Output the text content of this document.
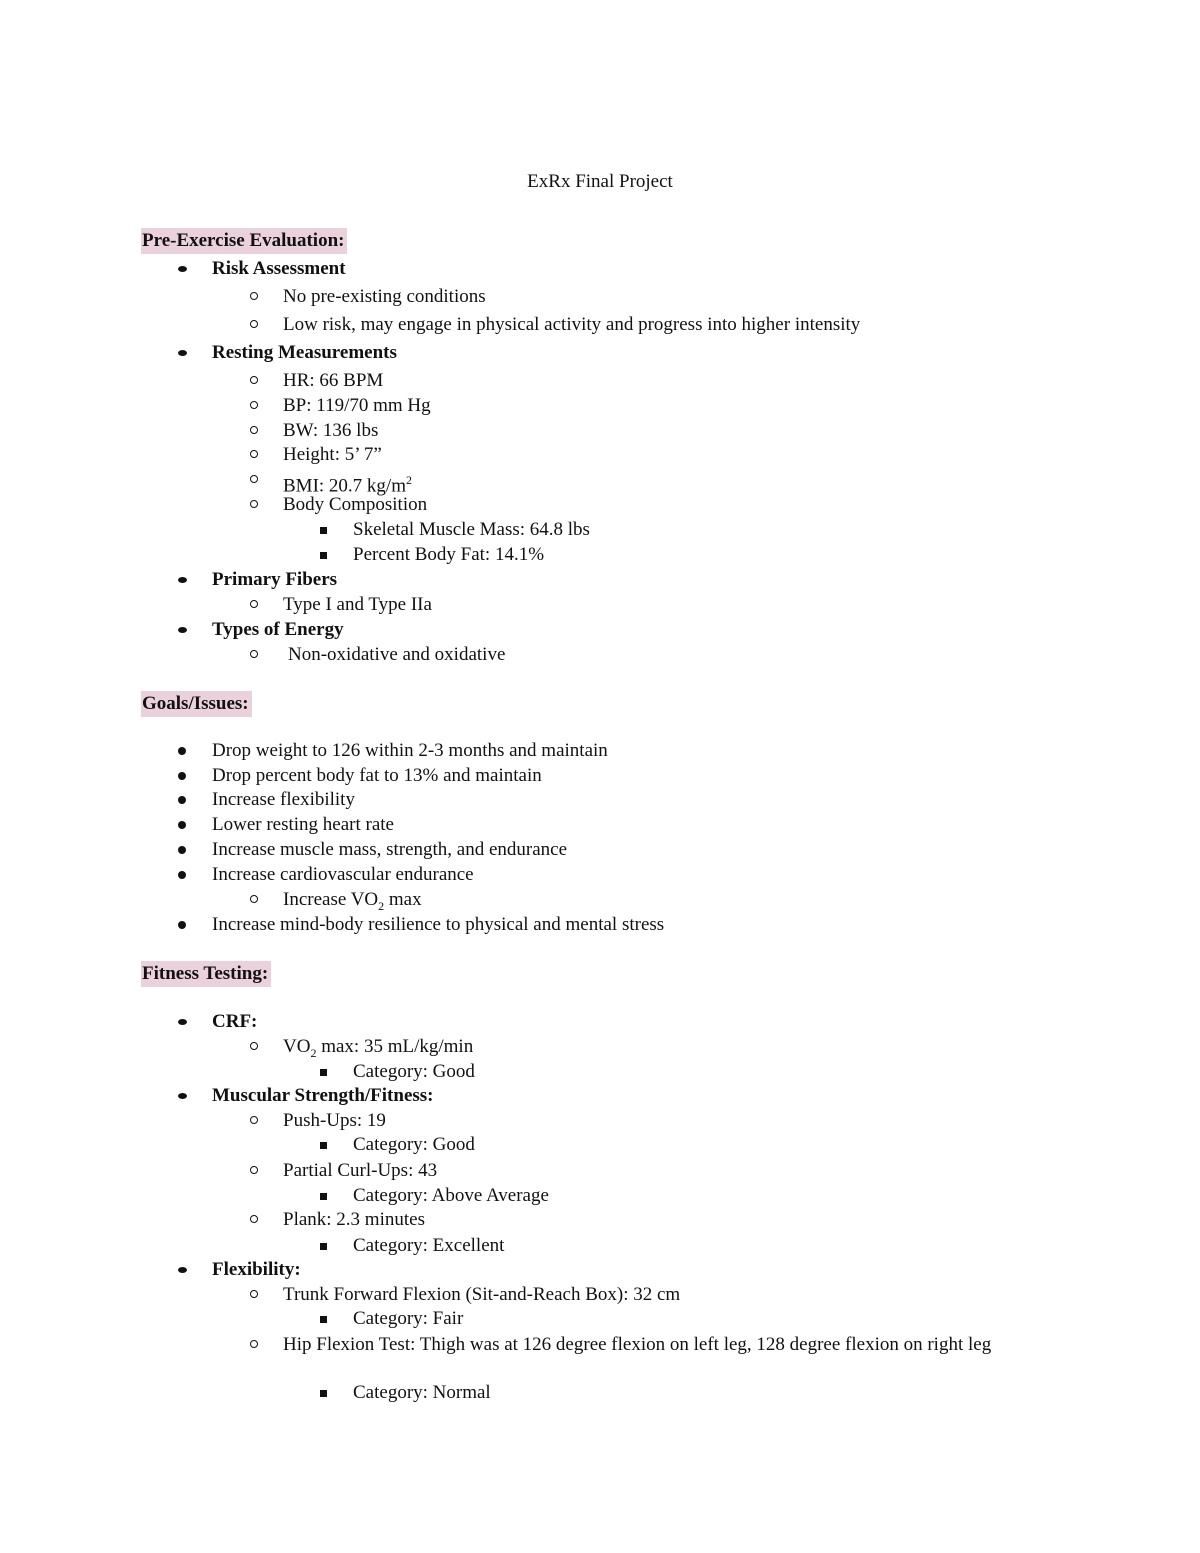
ExRx Final Project
Pre-Exercise Evaluation:
Risk Assessment
No pre-existing conditions
Low risk, may engage in physical activity and progress into higher intensity
Resting Measurements
HR: 66 BPM
BP: 119/70 mm Hg
BW: 136 lbs
Height: 5’ 7”
BMI: 20.7 $kg/m^2$
Body Composition
Skeletal Muscle Mass: 64.8 lbs
Percent Body Fat: 14.1%
Primary Fibers
Type I and Type IIa
Types of Energy
Non-oxidative and oxidative
Goals/Issues:
Drop weight to 126 within 2-3 months and maintain
Drop percent body fat to 13% and maintain
Increase flexibility
Lower resting heart rate
Increase muscle mass, strength, and endurance
Increase cardiovascular endurance
Increase $VO_2$ max
Increase mind-body resilience to physical and mental stress
Fitness Testing:
CRF:
$VO_2$ max: 35 mL/kg/min
Category: Good
Muscular Strength/Fitness:
Push-Ups: 19
Category: Good
Partial Curl-Ups: 43
Category: Above Average
Plank: 2.3 minutes
Category: Excellent
Flexibility:
Trunk Forward Flexion (Sit-and-Reach Box): 32 cm
Category: Fair
Hip Flexion Test: Thigh was at 126 degree flexion on left leg, 128 degree flexion on right leg
Category: Normal
